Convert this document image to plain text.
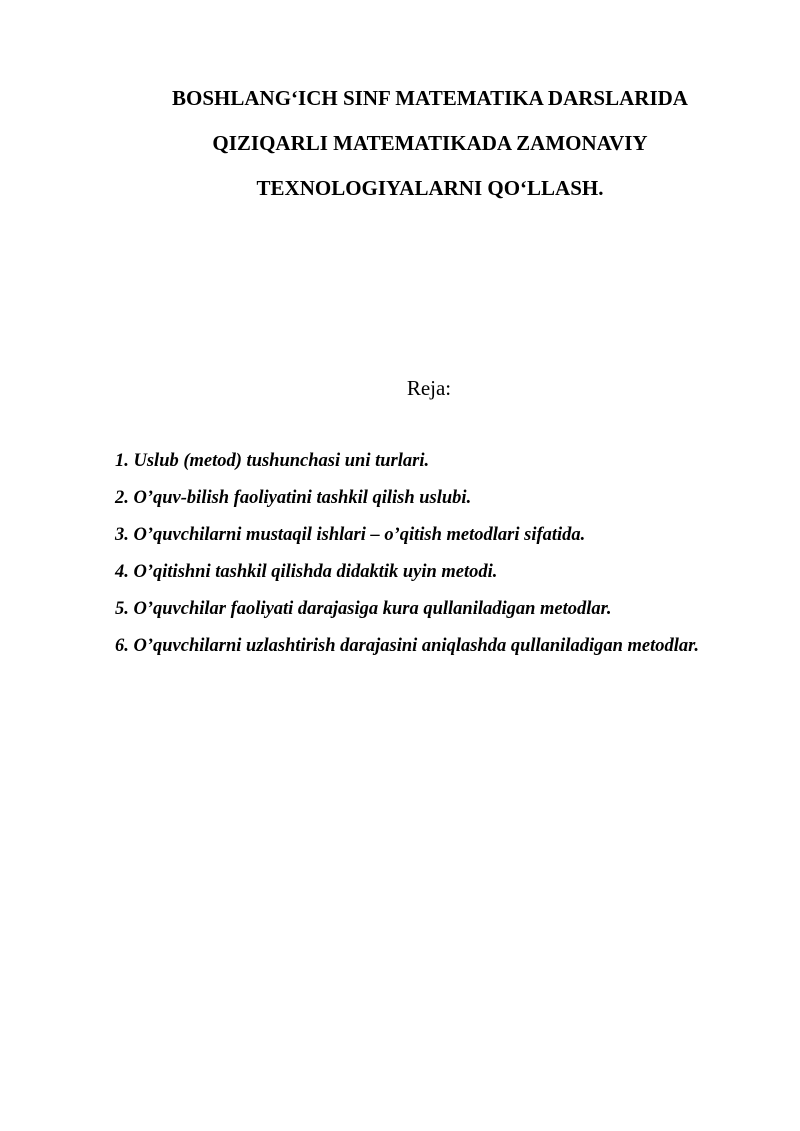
BOSHLANG‘ICH SINF MATEMATIKA DARSLARIDA
QIZIQARLI MATEMATIKADA ZAMONAVIY
TEXNOLOGIYALARNI QO‘LLASH.
Reja:
1. Uslub (metod) tushunchasi uni turlari.
2. O’quv-bilish faoliyatini tashkil qilish uslubi.
3. O’quvchilarni mustaqil ishlari – o’qitish metodlari sifatida.
4. O’qitishni tashkil qilishda didaktik uyin metodi.
5. O’quvchilar faoliyati darajasiga kura qullaniladigan metodlar.
6. O’quvchilarni uzlashtirish darajasini aniqlashda qullaniladigan metodlar.
